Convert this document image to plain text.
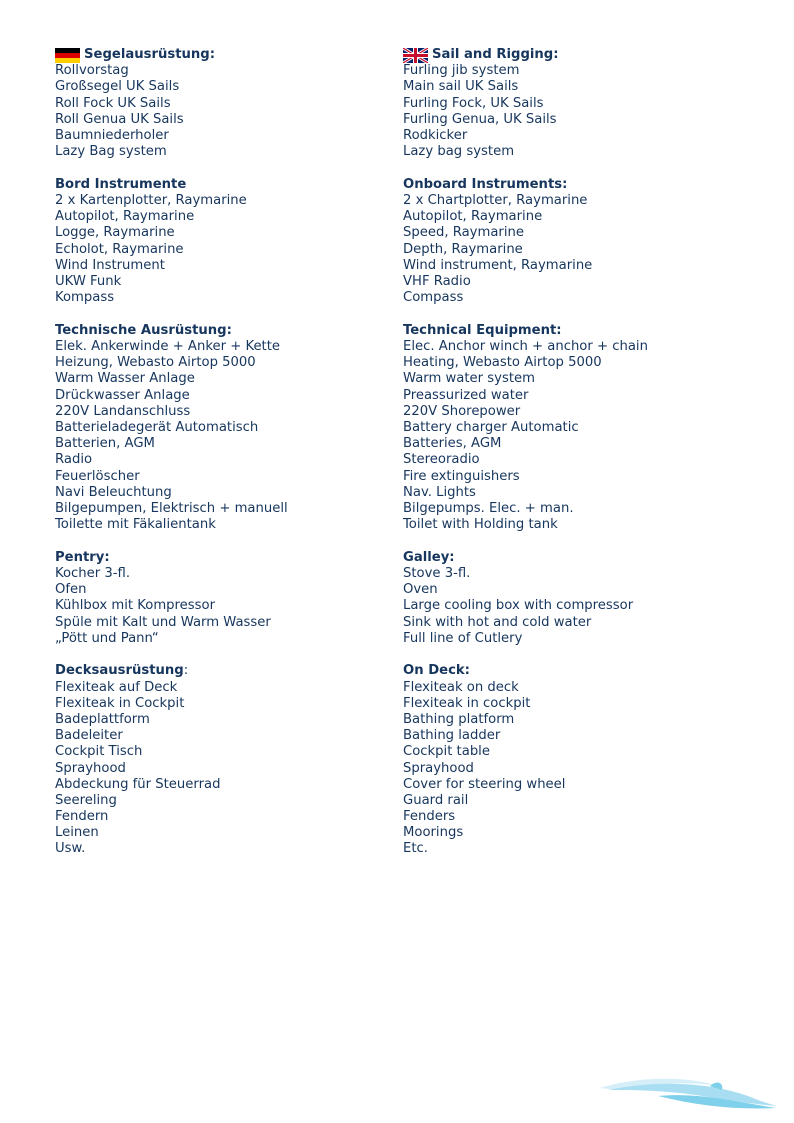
Segelausrüstung:
Rollvorstag
Großsegel UK Sails
Roll Fock UK Sails
Roll Genua UK Sails
Baumniederholer
Lazy Bag system
Bord Instrumente
2 x Kartenplotter, Raymarine
Autopilot, Raymarine
Logge, Raymarine
Echolot, Raymarine
Wind Instrument
UKW Funk
Kompass
Technische Ausrüstung:
Elek. Ankerwinde + Anker + Kette
Heizung, Webasto Airtop 5000
Warm Wasser Anlage
Drückwasser Anlage
220V Landanschluss
Batterieladegerät Automatisch
Batterien, AGM
Radio
Feuerlöscher
Navi Beleuchtung
Bilgepumpen, Elektrisch + manuell
Toilette mit Fäkalientank
Pentry:
Kocher 3-fl.
Ofen
Kühlbox mit Kompressor
Spüle mit Kalt und Warm Wasser
„Pött und Pann“
Decksausrüstung :
Flexiteak auf Deck
Flexiteak in Cockpit
Badeplattform
Badeleiter
Cockpit Tisch
Sprayhood
Abdeckung für Steuerrad
Seereling
Fendern
Leinen
Usw.
Sail and Rigging:
Furling jib system
Main sail UK Sails
Furling Fock, UK Sails
Furling Genua, UK Sails
Rodkicker
Lazy bag system
Onboard Instruments:
2 x Chartplotter, Raymarine
Autopilot, Raymarine
Speed, Raymarine
Depth, Raymarine
Wind instrument, Raymarine
VHF Radio
Compass
Technical Equipment:
Elec. Anchor winch + anchor + chain
Heating, Webasto Airtop 5000
Warm water system
Preassurized water
220V Shorepower
Battery charger Automatic
Batteries, AGM
Stereoradio
Fire extinguishers
Nav. Lights
Bilgepumps. Elec. + man.
Toilet with Holding tank
Galley:
Stove 3-fl.
Oven
Large cooling box with compressor
Sink with hot and cold water
Full line of Cutlery
On Deck:
Flexiteak on deck
Flexiteak in cockpit
Bathing platform
Bathing ladder
Cockpit table
Sprayhood
Cover for steering wheel
Guard rail
Fenders
Moorings
Etc.
